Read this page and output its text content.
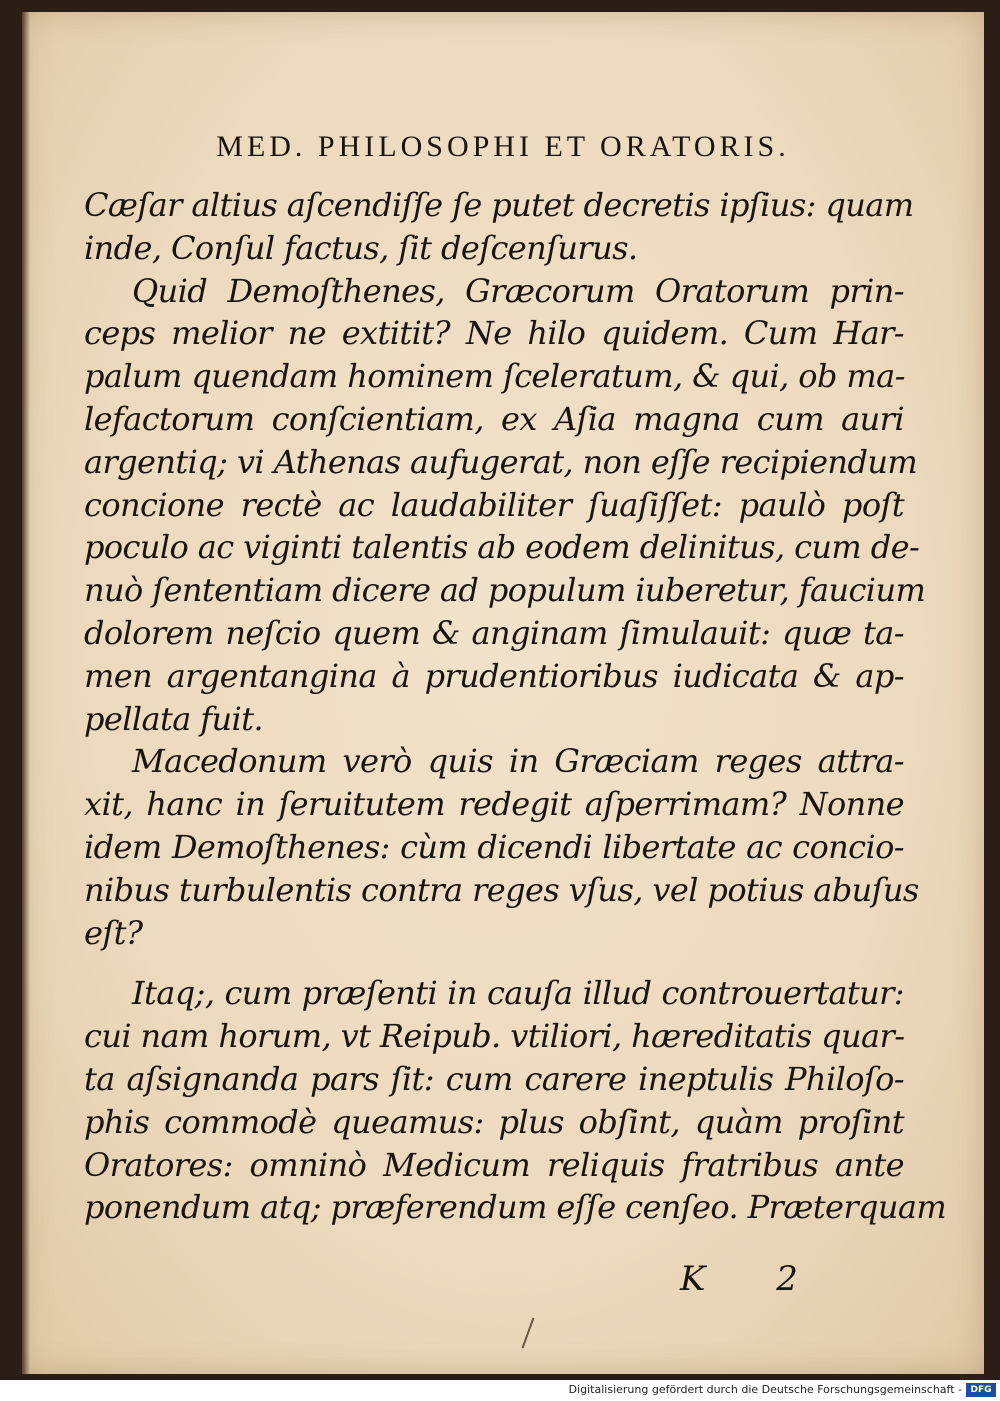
MED. PHILOSOPHI ET ORATORIS.
Cæſar altius aſcendiſſe ſe putet decretis ipſius: quam
inde, Conſul factus, ſit deſcenſurus.
Quid Demoſthenes, Græcorum Oratorum prin-
ceps melior ne extitit? Ne hilo quidem. Cum Har-
palum quendam hominem ſceleratum, & qui, ob ma-
lefactorum conſcientiam, ex Aſia magna cum auri
argentiq; vi Athenas aufugerat, non eſſe recipiendum
concione rectè ac laudabiliter ſuaſiſſet: paulò poſt
poculo ac viginti talentis ab eodem delinitus, cum de-
nuò ſententiam dicere ad populum iuberetur, faucium
dolorem neſcio quem & anginam ſimulauit: quæ ta-
men argentangina à prudentioribus iudicata & ap-
pellata fuit.
Macedonum verò quis in Græciam reges attra-
xit, hanc in ſeruitutem redegit aſperrimam? Nonne
idem Demoſthenes: cùm dicendi libertate ac concio-
nibus turbulentis contra reges vſus, vel potius abuſus
eſt?
Itaq;, cum præſenti in cauſa illud controuertatur:
cui nam horum, vt Reipub. vtiliori, hæreditatis quar-
ta aſsignanda pars ſit: cum carere ineptulis Philoſo-
phis commodè queamus: plus obſint, quàm proſint
Oratores: omninò Medicum reliquis fratribus ante
ponendum atq; præferendum eſſe cenſeo. Præterquam
K 2
Digitalisierung gefördert durch die Deutsche Forschungsgemeinschaft - DFG
